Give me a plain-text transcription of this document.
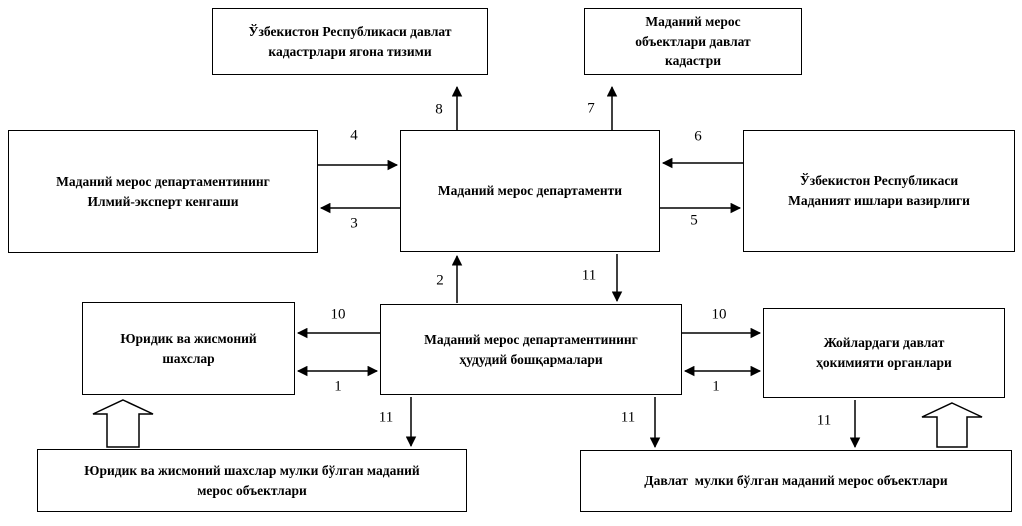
Ўзбекистон Республикаси давлат кадастрлари ягона тизими
Маданий мерос объектлари давлат кадастри
Маданий мерос департаментининг Илмий-эксперт кенгаши
Маданий мерос департаменти
Ўзбекистон Республикаси Маданият ишлари вазирлиги
Юридик ва жисмоний шахслар
Маданий мерос департаментининг ҳудудий бошқармалари
Жойлардаги давлат ҳокимияти органлари
Юридик ва жисмоний шахслар мулки бўлган маданий мерос объектлари
Давлат  мулки бўлган маданий мерос объектлари
8	7
4
3
6
5
2	11
10
1
10
1
11	11	11
